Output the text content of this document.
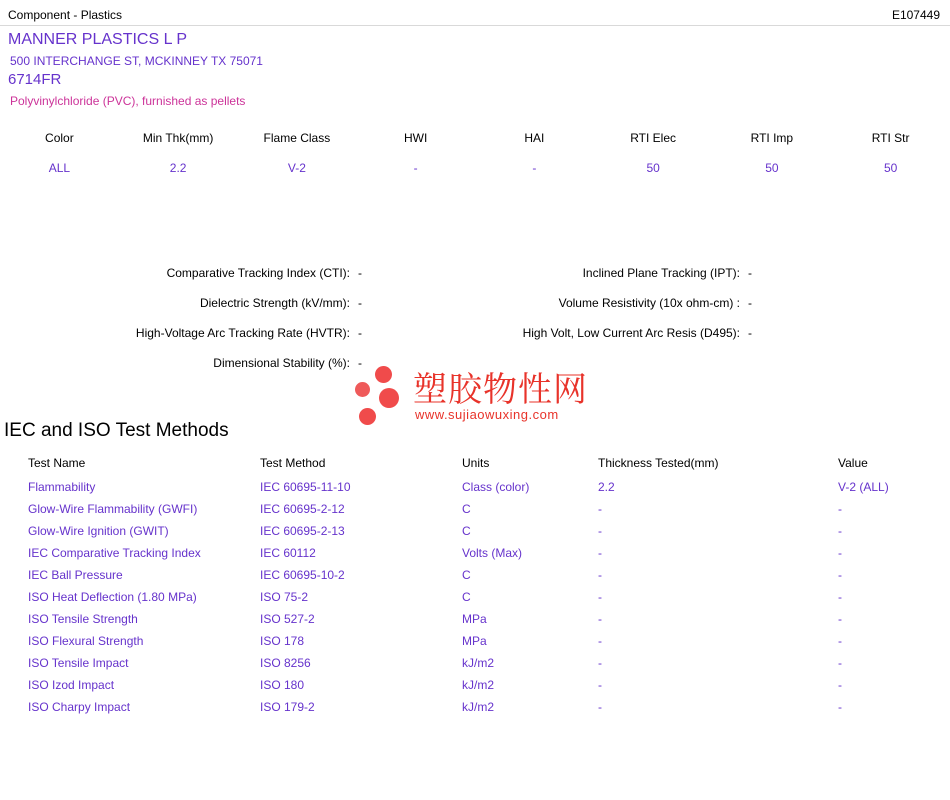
Component - Plastics	E107449
MANNER PLASTICS L P
500 INTERCHANGE ST, MCKINNEY TX 75071
6714FR
Polyvinylchloride (PVC), furnished as pellets
Color	Min Thk(mm)	Flame Class	HWI	HAI	RTI Elec	RTI Imp	RTI Str
ALL	2.2	V-2	-	-	50	50	50
Comparative Tracking Index (CTI): -	Inclined Plane Tracking (IPT): -
Dielectric Strength (kV/mm): -	Volume Resistivity (10x ohm-cm) : -
High-Voltage Arc Tracking Rate (HVTR): -	High Volt, Low Current Arc Resis (D495): -
Dimensional Stability (%): -
塑胶物性网
www.sujiaowuxing.com
IEC and ISO Test Methods
Test Name	Test Method	Units	Thickness Tested(mm)	Value
Flammability	IEC 60695-11-10	Class (color)	2.2	V-2 (ALL)
Glow-Wire Flammability (GWFI)	IEC 60695-2-12	C	-	-
Glow-Wire Ignition (GWIT)	IEC 60695-2-13	C	-	-
IEC Comparative Tracking Index	IEC 60112	Volts (Max)	-	-
IEC Ball Pressure	IEC 60695-10-2	C	-	-
ISO Heat Deflection (1.80 MPa)	ISO 75-2	C	-	-
ISO Tensile Strength	ISO 527-2	MPa	-	-
ISO Flexural Strength	ISO 178	MPa	-	-
ISO Tensile Impact	ISO 8256	kJ/m2	-	-
ISO Izod Impact	ISO 180	kJ/m2	-	-
ISO Charpy Impact	ISO 179-2	kJ/m2	-	-
